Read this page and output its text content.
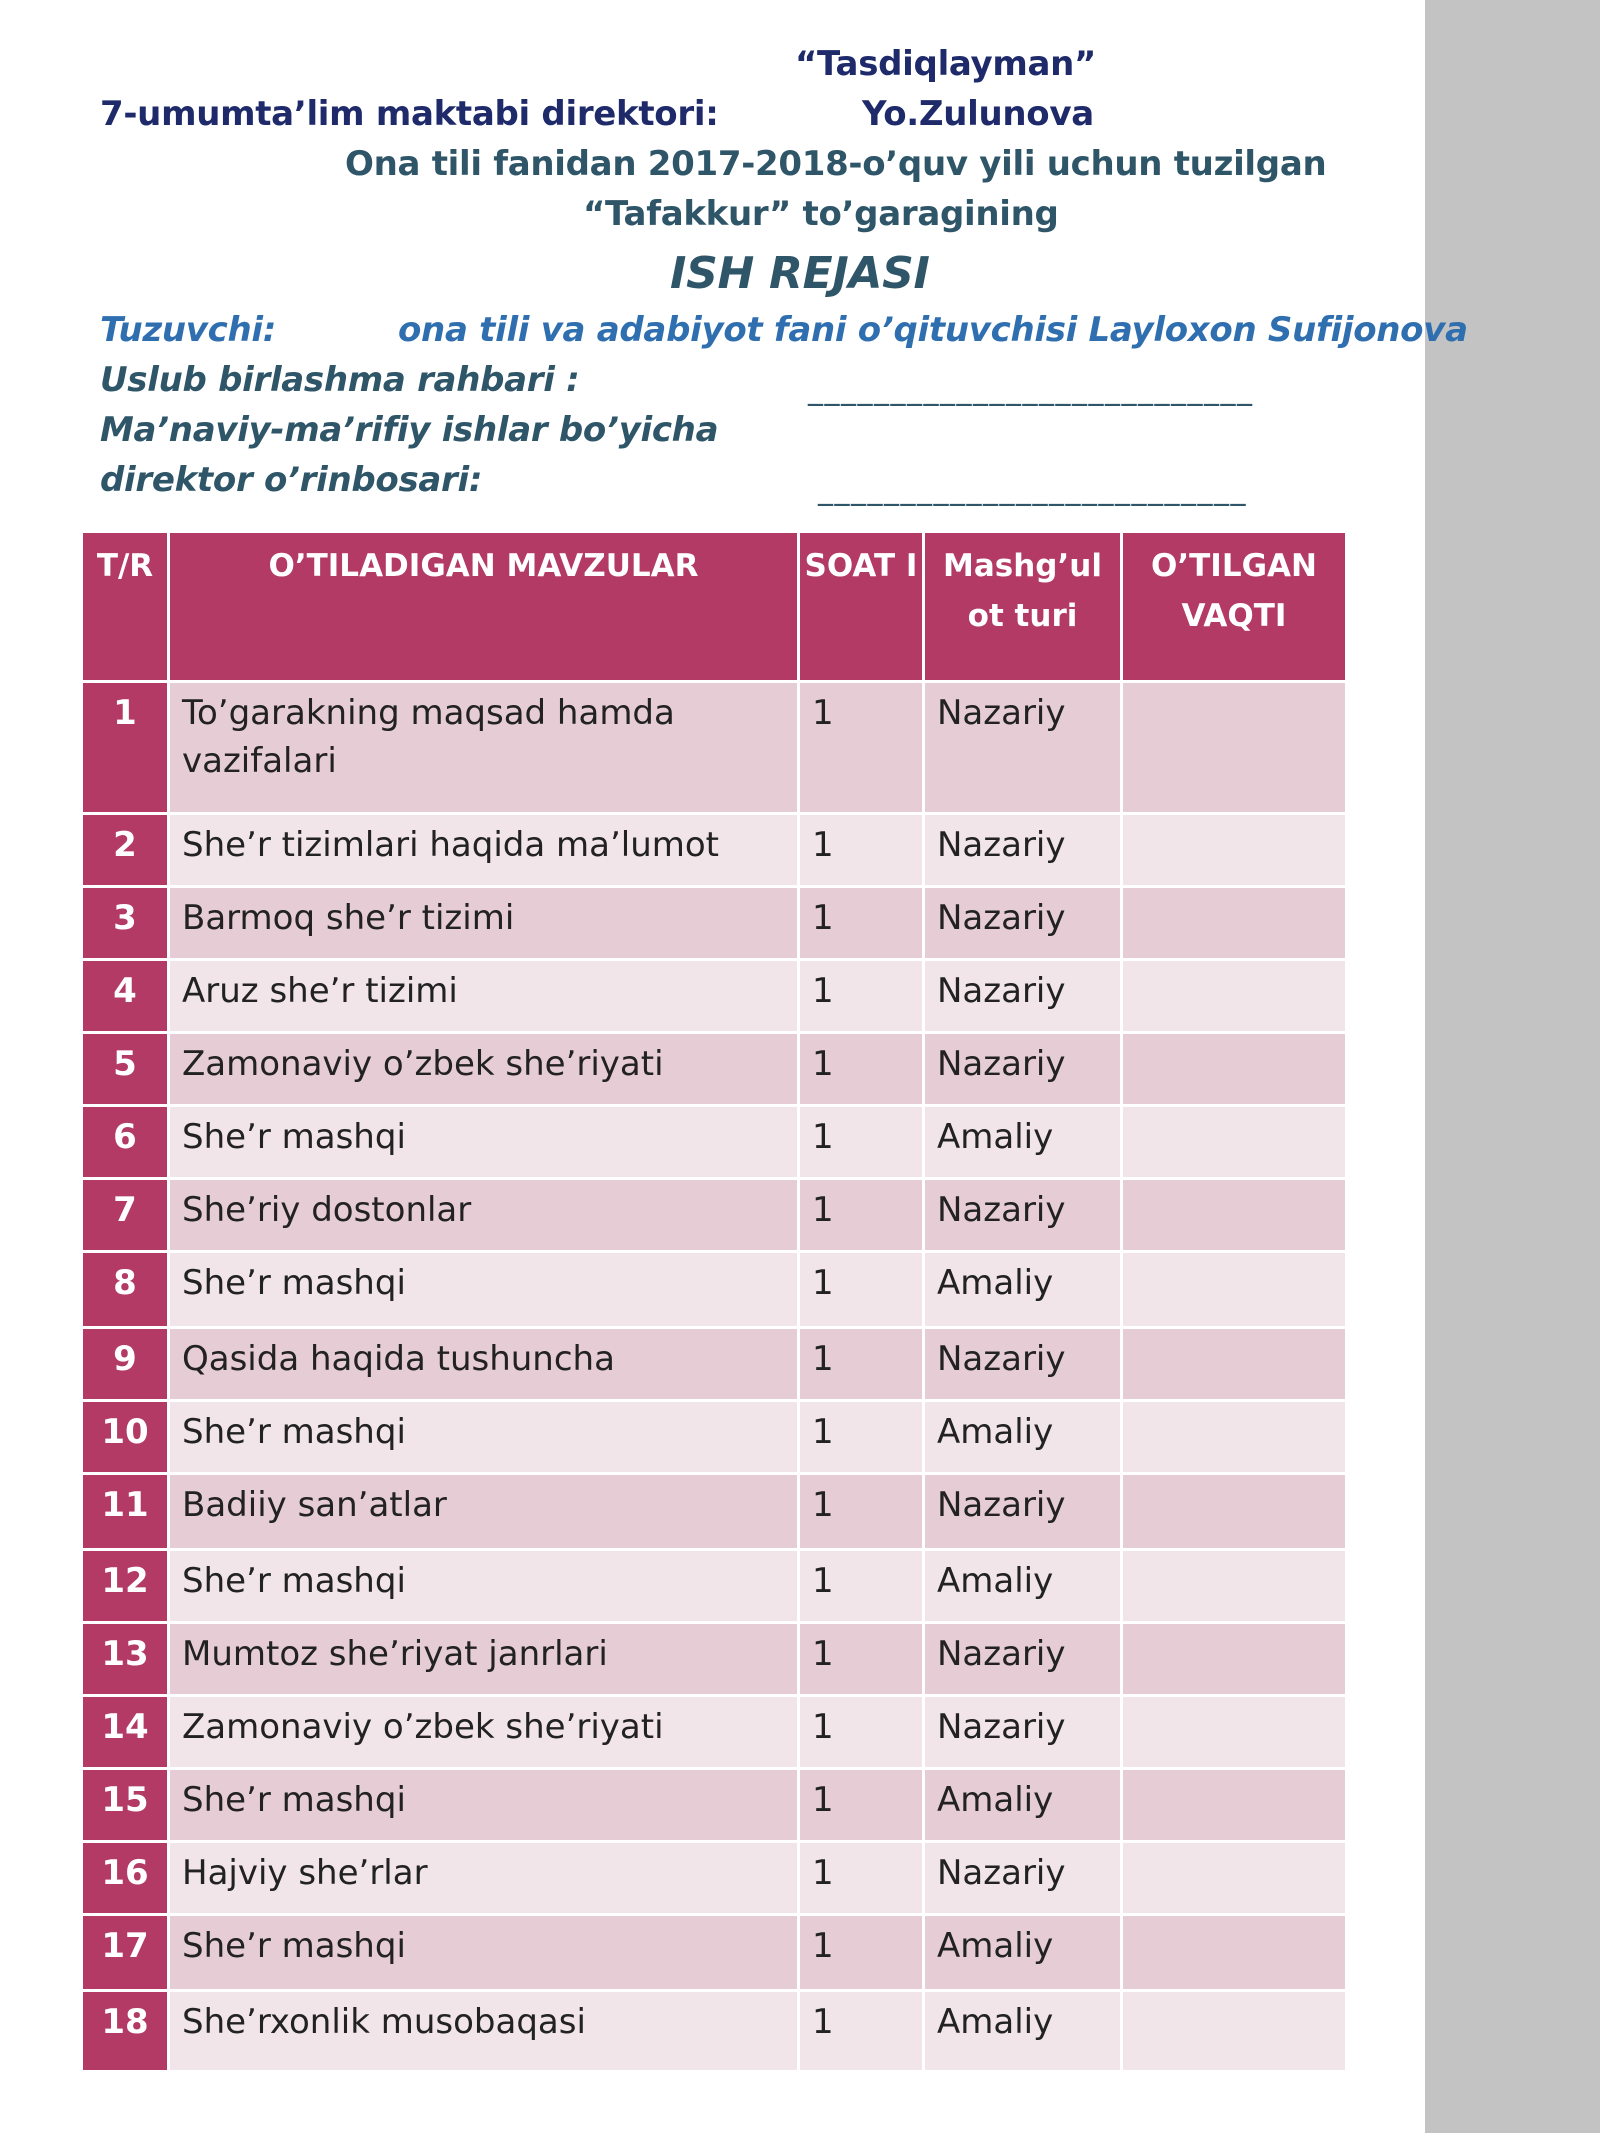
“Tasdiqlayman”
7-umumta’lim maktabi direktori:	Yo.Zulunova
Ona tili fanidan 2017-2018-o’quv yili uchun tuzilgan
“Tafakkur” to’garagining
ISH REJASI
Tuzuvchi:	ona tili va adabiyot fani o’qituvchisi Layloxon Sufijonova
Uslub birlashma rahbari :	___________________________
Ma’naviy-ma’rifiy ishlar bo’yicha
direktor o’rinbosari:	__________________________
T/R	O’TILADIGAN MAVZULAR	SOAT I	Mashg’ul ot turi	O’TILGAN VAQTI
1	To’garakning maqsad hamda vazifalari	1	Nazariy	
2	She’r tizimlari haqida ma’lumot	1	Nazariy	
3	Barmoq she’r tizimi	1	Nazariy	
4	Aruz she’r tizimi	1	Nazariy	
5	Zamonaviy o’zbek she’riyati	1	Nazariy	
6	She’r mashqi	1	Amaliy	
7	She’riy dostonlar	1	Nazariy	
8	She’r mashqi	1	Amaliy	
9	Qasida haqida tushuncha	1	Nazariy	
10	She’r mashqi	1	Amaliy	
11	Badiiy san’atlar	1	Nazariy	
12	She’r mashqi	1	Amaliy	
13	Mumtoz she’riyat janrlari	1	Nazariy	
14	Zamonaviy o’zbek she’riyati	1	Nazariy	
15	She’r mashqi	1	Amaliy	
16	Hajviy she’rlar	1	Nazariy	
17	She’r mashqi	1	Amaliy	
18	She’rxonlik musobaqasi	1	Amaliy	
